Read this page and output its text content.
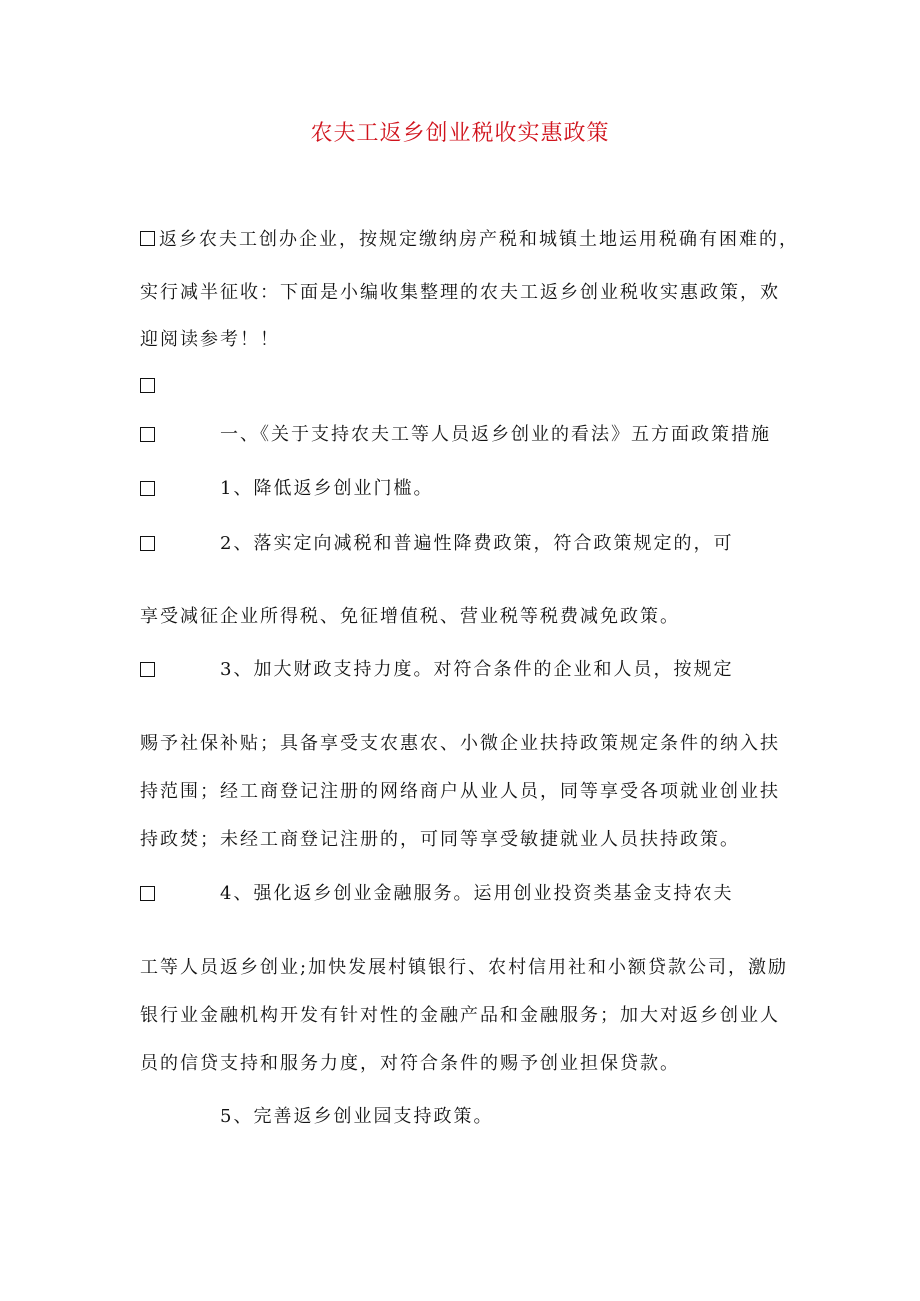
农夫工返乡创业税收实惠政策
返乡农夫工创办企业，按规定缴纳房产税和城镇土地运用税确有困难的，
实行减半征收：下面是小编收集整理的农夫工返乡创业税收实惠政策，欢
迎阅读参考！！
一、《关于支持农夫工等人员返乡创业的看法》五方面政策措施
1、降低返乡创业门槛。
2、落实定向减税和普遍性降费政策，符合政策规定的，可
享受减征企业所得税、免征增值税、营业税等税费减免政策。
3、加大财政支持力度。对符合条件的企业和人员，按规定
赐予社保补贴；具备享受支农惠农、小微企业扶持政策规定条件的纳入扶
持范围；经工商登记注册的网络商户从业人员，同等享受各项就业创业扶
持政焚；未经工商登记注册的，可同等享受敏捷就业人员扶持政策。
4、强化返乡创业金融服务。运用创业投资类基金支持农夫
工等人员返乡创业;加快发展村镇银行、农村信用社和小额贷款公司，激励
银行业金融机构开发有针对性的金融产品和金融服务；加大对返乡创业人
员的信贷支持和服务力度，对符合条件的赐予创业担保贷款。
5、完善返乡创业园支持政策。
